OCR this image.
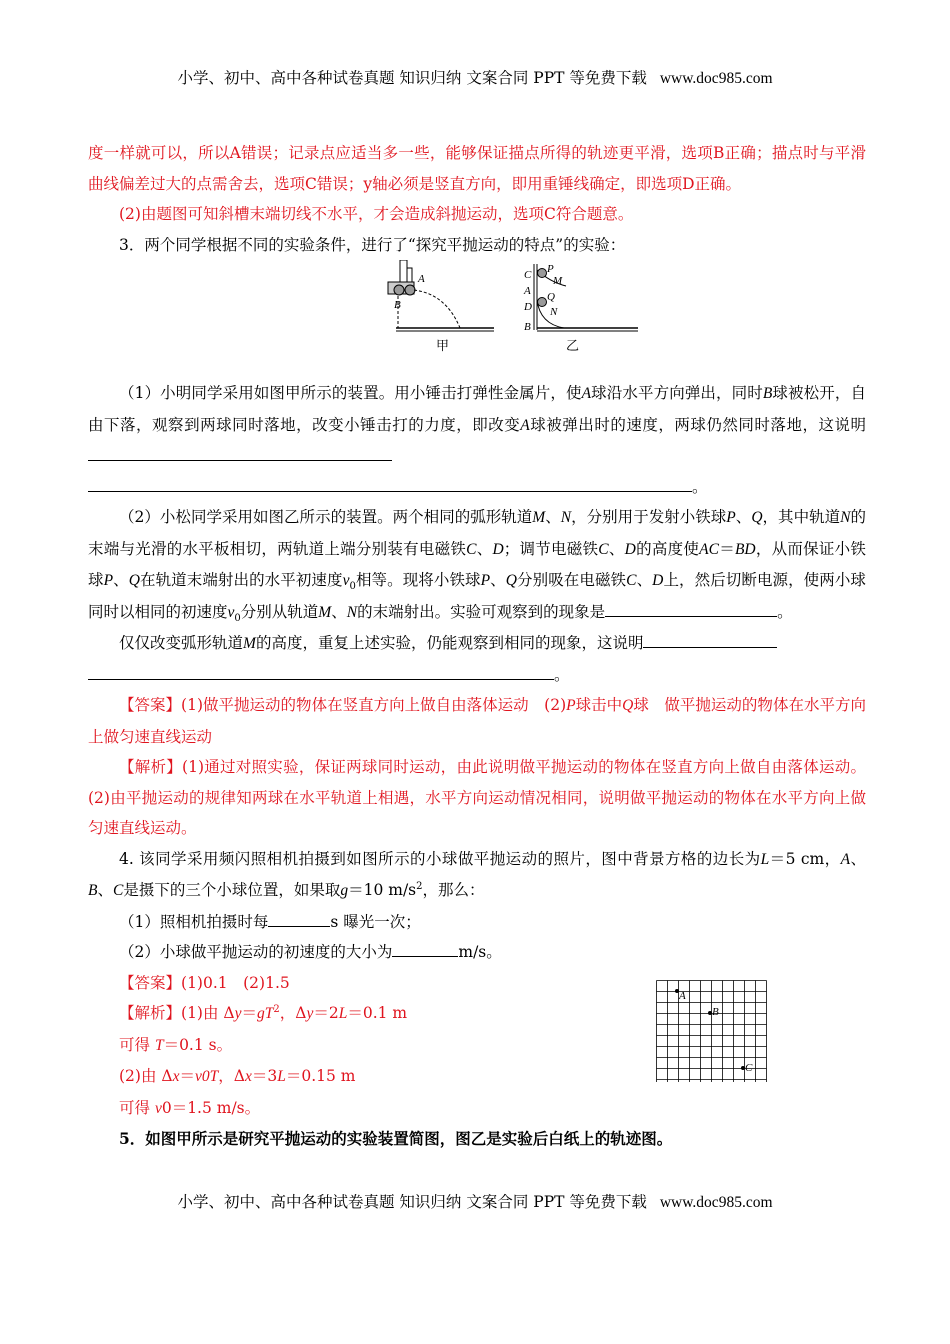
小学、初中、高中各种试卷真题 知识归纳 文案合同 PPT 等免费下载 www.doc985.com

度一样就可以，所以A错误；记录点应适当多一些，能够保证描点所得的轨迹更平滑，选项B正确；描点时与平滑曲线偏差过大的点需舍去，选项C错误；y轴必须是竖直方向，即用重锤线确定，即选项D正确。

(2)由题图可知斜槽末端切线不水平，才会造成斜抛运动，选项C符合题意。

3．两个同学根据不同的实验条件，进行了“探究平抛运动的特点”的实验：

A
B
甲
C P
M
A Q
D N
B
乙

（1）小明同学采用如图甲所示的装置。用小锤击打弹性金属片，使A球沿水平方向弹出，同时B球被松开，自由下落，观察到两球同时落地，改变小锤击打的力度，即改变A球被弹出时的速度，两球仍然同时落地，这说明

。

（2）小松同学采用如图乙所示的装置。两个相同的弧形轨道M、N，分别用于发射小铁球P、Q，其中轨道N的末端与光滑的水平板相切，两轨道上端分别装有电磁铁C、D；调节电磁铁C、D的高度使AC＝BD，从而保证小铁球P、Q在轨道末端射出的水平初速度$v_0$相等。现将小铁球P、Q分别吸在电磁铁C、D上，然后切断电源，使两小球同时以相同的初速度$v_0$分别从轨道M、N的末端射出。实验可观察到的现象是	。

仅仅改变弧形轨道M的高度，重复上述实验，仍能观察到相同的现象，这说明

。

【答案】(1)做平抛运动的物体在竖直方向上做自由落体运动　(2)P球击中Q球　做平抛运动的物体在水平方向上做匀速直线运动

【解析】(1)通过对照实验，保证两球同时运动，由此说明做平抛运动的物体在竖直方向上做自由落体运动。(2)由平抛运动的规律知两球在水平轨道上相遇，水平方向运动情况相同，说明做平抛运动的物体在水平方向上做匀速直线运动。

4. 该同学采用频闪照相机拍摄到如图所示的小球做平抛运动的照片，图中背景方格的边长为L＝5 cm，A、B、C是摄下的三个小球位置，如果取g＝10 $m/s^2$，那么：

（1）照相机拍摄时每	s 曝光一次；

（2）小球做平抛运动的初速度的大小为	m/s。

【答案】(1)0.1　(2)1.5

【解析】(1)由 $\Delta y=gT^2$，Δy＝2L＝0.1 m

可得 T＝0.1 s。

(2)由 Δx＝v0T，Δx＝3L＝0.15 m

可得 v0＝1.5 m/s。

5．如图甲所示是研究平抛运动的实验装置简图，图乙是实验后白纸上的轨迹图。

A
B
C
小学、初中、高中各种试卷真题 知识归纳 文案合同 PPT 等免费下载 www.doc985.com
